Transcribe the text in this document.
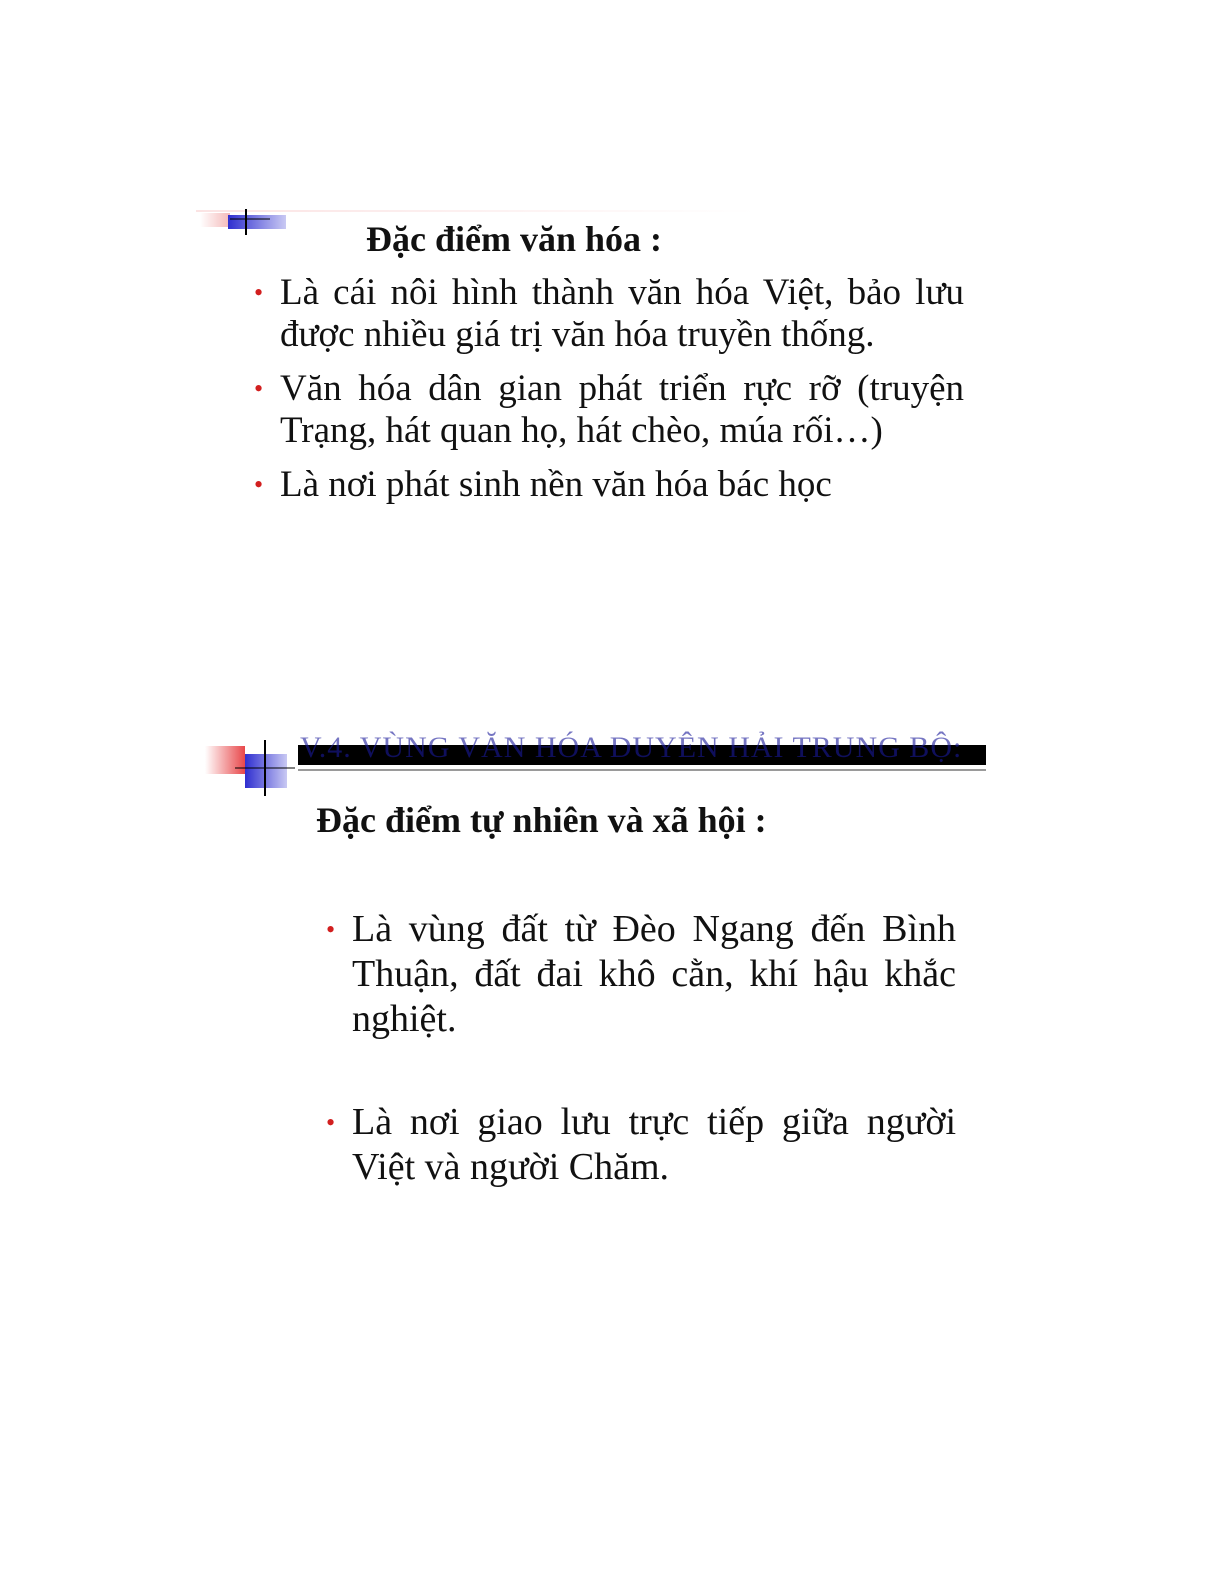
Đặc điểm văn hóa :
• Là cái nôi hình thành văn hóa Việt, bảo lưu được nhiều giá trị văn hóa truyền thống.
• Văn hóa dân gian phát triển rực rỡ (truyện Trạng, hát quan họ, hát chèo, múa rối…)
• Là nơi phát sinh nền văn hóa bác học
V.4. VÙNG VĂN HÓA DUYÊN HẢI TRUNG BỘ:
Đặc điểm tự nhiên và xã hội :
• Là vùng đất từ Đèo Ngang đến Bình Thuận, đất đai khô cằn, khí hậu khắc nghiệt.
• Là nơi giao lưu trực tiếp giữa người Việt và người Chăm.
